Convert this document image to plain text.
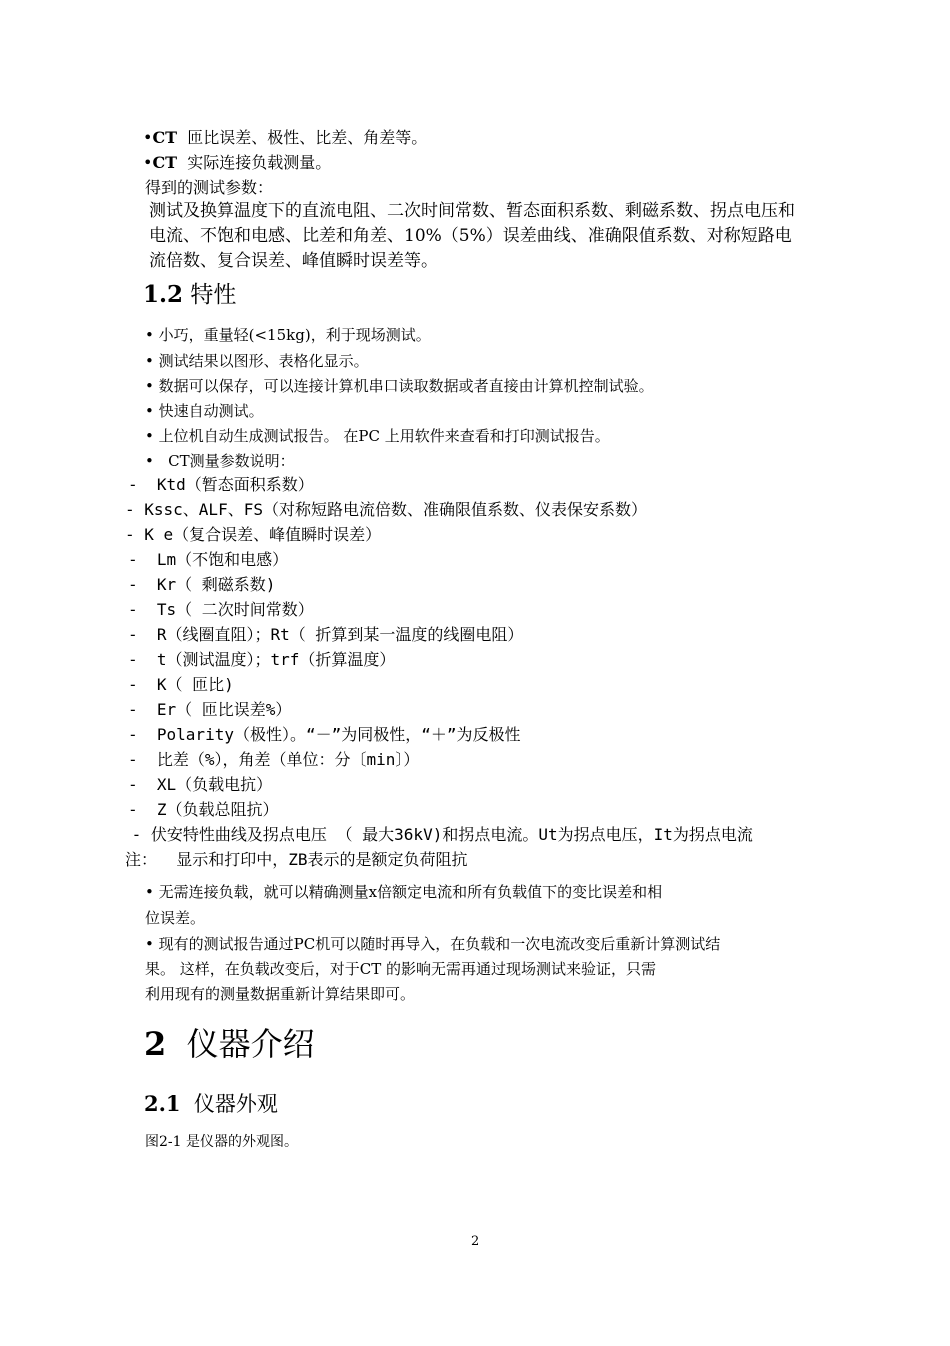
•CT 匝比误差、极性、比差、角差等。

•CT 实际连接负载测量。

得到的测试参数：

测试及换算温度下的直流电阻、二次时间常数、暂态面积系数、剩磁系数、拐点电压和

电流、不饱和电感、比差和角差、10%（5%）误差曲线、准确限值系数、对称短路电

流倍数、复合误差、峰值瞬时误差等。

1.2 特性

• 小巧，重量轻(<15kg)，利于现场测试。

• 测试结果以图形、表格化显示。

• 数据可以保存，可以连接计算机串口读取数据或者直接由计算机控制试验。

• 快速自动测试。

• 上位机自动生成测试报告。 在PC 上用软件来查看和打印测试报告。

• CT测量参数说明：

-  Ktd（暂态面积系数）

- Kssc、ALF、FS（对称短路电流倍数、准确限值系数、仪表保安系数）

- K e（复合误差、峰值瞬时误差）

-  Lm（不饱和电感）

-  Kr（ 剩磁系数)

-  Ts（ 二次时间常数）

-  R（线圈直阻）；Rt（ 折算到某一温度的线圈电阻）

-  t（测试温度）；trf（折算温度）

-  K（ 匝比)

-  Er（ 匝比误差%）

-  Polarity（极性）。“－”为同极性，“＋”为反极性

-  比差（%），角差（单位：分〔min〕）

-  XL（负载电抗）

-  Z（负载总阻抗）

- 伏安特性曲线及拐点电压 （ 最大36kV)和拐点电流。Ut为拐点电压，It为拐点电流

注：  显示和打印中，ZB表示的是额定负荷阻抗

• 无需连接负载，就可以精确测量x倍额定电流和所有负载值下的变比误差和相

位误差。

• 现有的测试报告通过PC机可以随时再导入，在负载和一次电流改变后重新计算测试结

果。 这样，在负载改变后，对于CT 的影响无需再通过现场测试来验证，只需

利用现有的测量数据重新计算结果即可。

2 仪器介绍

2.1 仪器外观

图2-1 是仪器的外观图。

2
